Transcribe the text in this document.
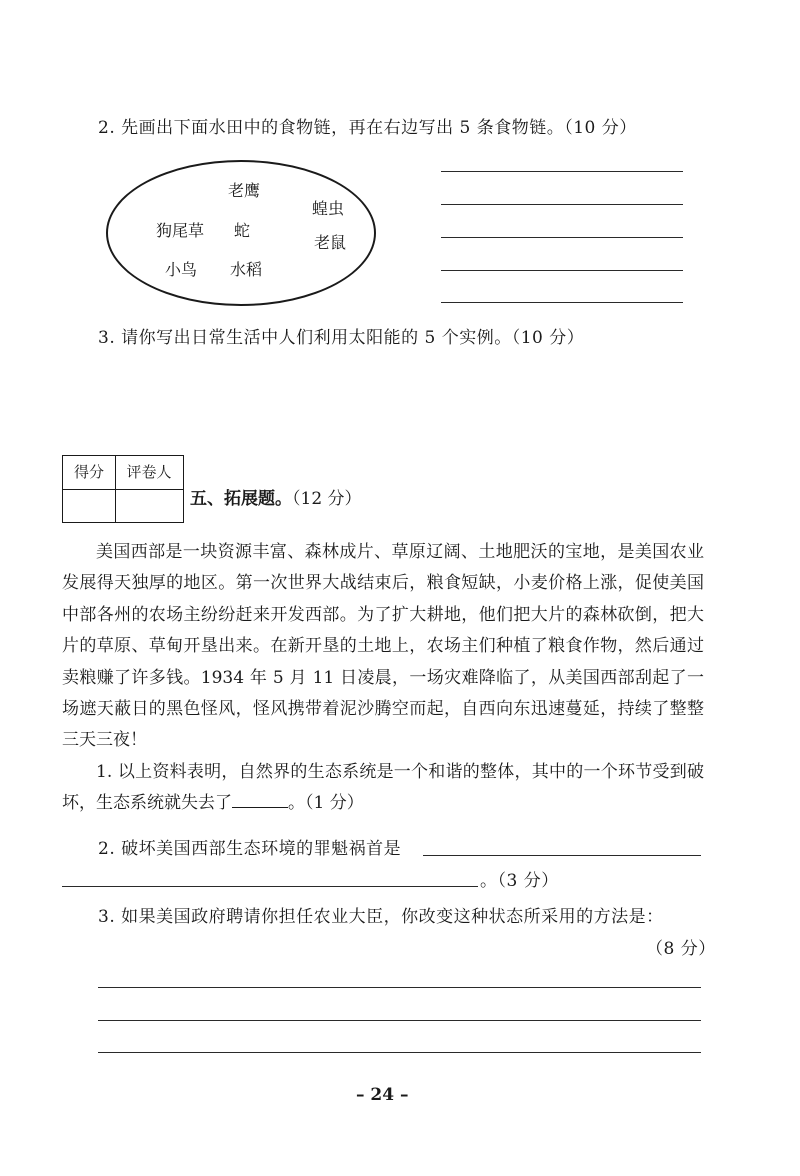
2. 先画出下面水田中的食物链，再在右边写出 5 条食物链。（10 分）
老鹰
蝗虫
狗尾草 蛇
老鼠
小鸟 水稻
3. 请你写出日常生活中人们利用太阳能的 5 个实例。（10 分）
得分	评卷人
五、拓展题。（12 分）

美国西部是一块资源丰富、森林成片、草原辽阔、土地肥沃的宝地，是美国农业发展得天独厚的地区。第一次世界大战结束后，粮食短缺，小麦价格上涨，促使美国中部各州的农场主纷纷赶来开发西部。为了扩大耕地，他们把大片的森林砍倒，把大片的草原、草甸开垦出来。在新开垦的土地上，农场主们种植了粮食作物，然后通过卖粮赚了许多钱。1934 年 5 月 11 日凌晨，一场灾难降临了，从美国西部刮起了一场遮天蔽日的黑色怪风，怪风携带着泥沙腾空而起，自西向东迅速蔓延，持续了整整三天三夜！

1. 以上资料表明，自然界的生态系统是一个和谐的整体，其中的一个环节受到破坏，生态系统就失去了	。（1 分）

2. 破坏美国西部生态环境的罪魁祸首是
。（3 分）
3. 如果美国政府聘请你担任农业大臣，你改变这种状态所采用的方法是：
（8 分）
– 24 –
